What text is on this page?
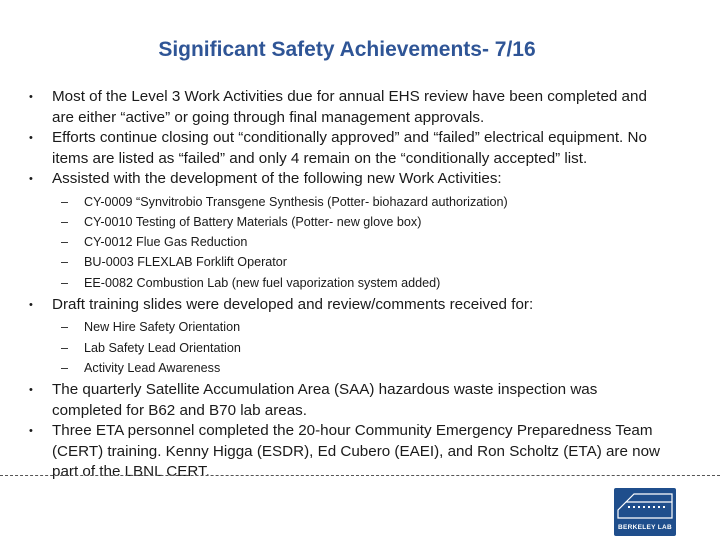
Significant Safety Achievements- 7/16
• Most of the Level 3 Work Activities due for annual EHS review have been completed and are either “active” or going through final management approvals.
• Efforts continue closing out “conditionally approved” and “failed” electrical equipment. No items are listed as “failed” and only 4 remain on the “conditionally accepted” list.
• Assisted with the development of the following new Work Activities:
– CY-0009 “Synvitrobio Transgene Synthesis (Potter- biohazard authorization)
– CY-0010 Testing of Battery Materials (Potter- new glove box)
– CY-0012 Flue Gas Reduction
– BU-0003 FLEXLAB Forklift Operator
– EE-0082 Combustion Lab (new fuel vaporization system added)
• Draft training slides were developed and review/comments received for:
– New Hire Safety Orientation
– Lab Safety Lead Orientation
– Activity Lead Awareness
• The quarterly Satellite Accumulation Area (SAA) hazardous waste inspection was completed for B62 and B70 lab areas.
• Three ETA personnel completed the 20-hour Community Emergency Preparedness Team (CERT) training. Kenny Higga (ESDR), Ed Cubero (EAEI), and Ron Scholtz (ETA) are now part of the LBNL CERT.
BERKELEY LAB
